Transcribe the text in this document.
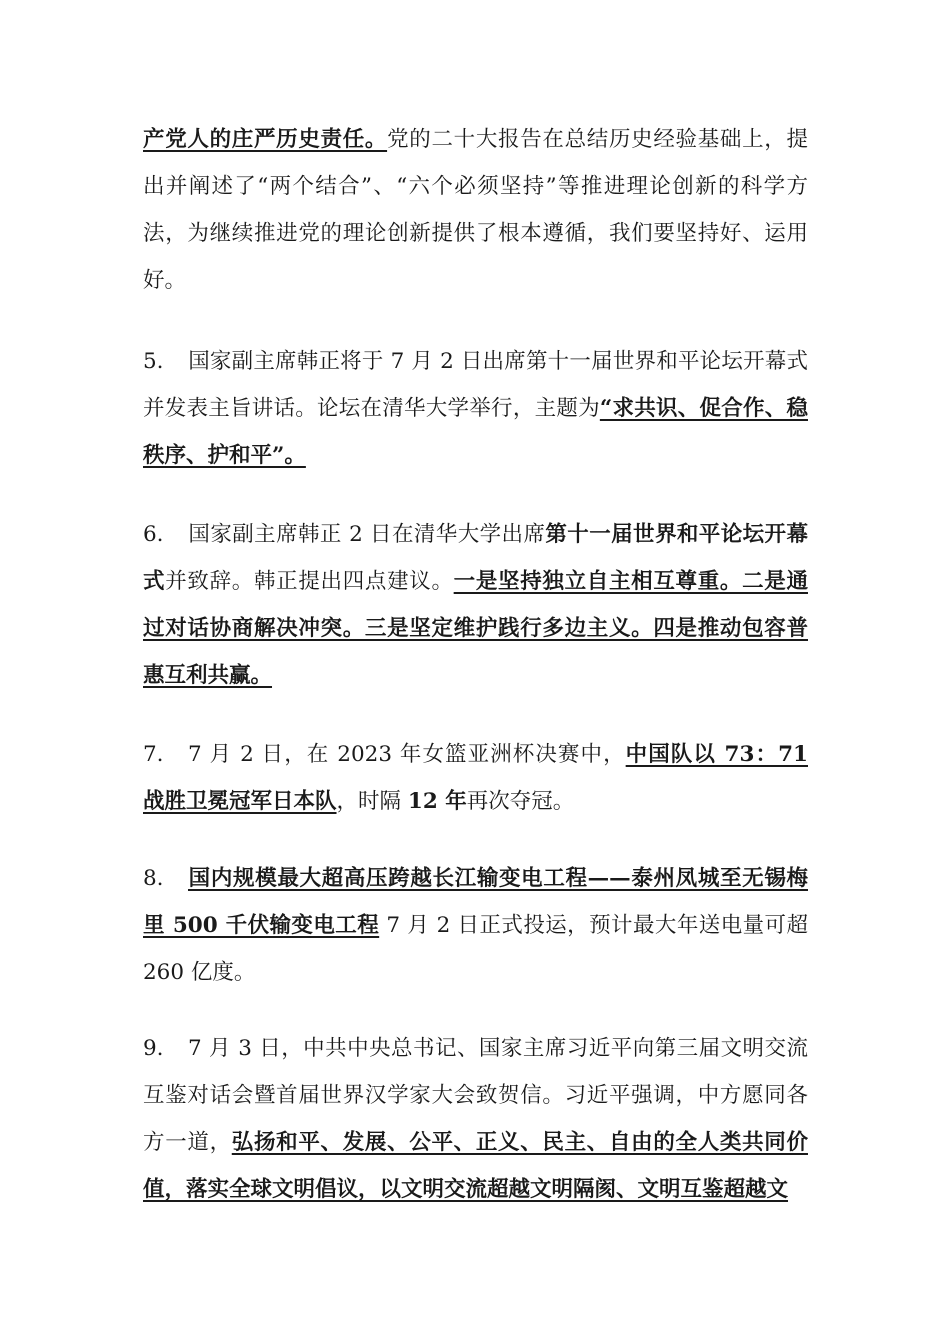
产党人的庄严历史责任。党的二十大报告在总结历史经验基础上，提出并阐述了“两个结合”、“六个必须坚持”等推进理论创新的科学方法，为继续推进党的理论创新提供了根本遵循，我们要坚持好、运用好。

5. 国家副主席韩正将于 7 月 2 日出席第十一届世界和平论坛开幕式并发表主旨讲话。论坛在清华大学举行，主题为“求共识、促合作、稳秩序、护和平”。

6. 国家副主席韩正 2 日在清华大学出席第十一届世界和平论坛开幕式并致辞。韩正提出四点建议。一是坚持独立自主相互尊重。二是通过对话协商解决冲突。三是坚定维护践行多边主义。四是推动包容普惠互利共赢。

7. 7 月 2 日，在 2023 年女篮亚洲杯决赛中，中国队以 73：71 战胜卫冕冠军日本队，时隔 12 年再次夺冠。

8. 国内规模最大超高压跨越长江输变电工程——泰州凤城至无锡梅里 500 千伏输变电工程 7 月 2 日正式投运，预计最大年送电量可超 260 亿度。

9. 7 月 3 日，中共中央总书记、国家主席习近平向第三届文明交流互鉴对话会暨首届世界汉学家大会致贺信。习近平强调，中方愿同各方一道，弘扬和平、发展、公平、正义、民主、自由的全人类共同价值，落实全球文明倡议，以文明交流超越文明隔阂、文明互鉴超越文
